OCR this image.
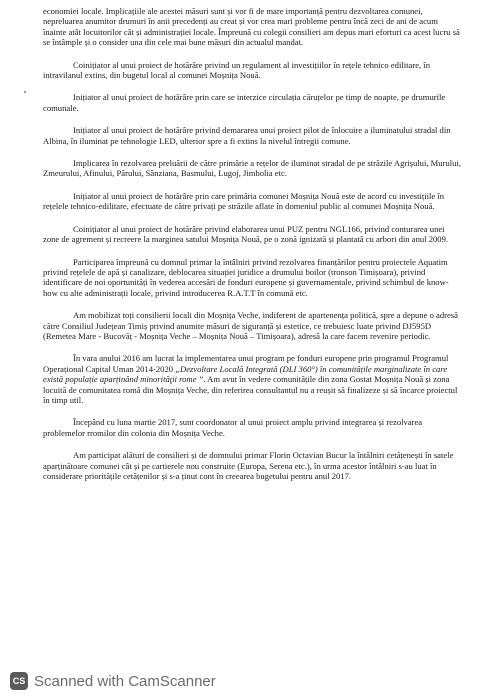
economiei locale. Implicațiile ale acestei măsuri sunt și vor fi de mare importanță pentru dezvoltarea comunei, nepreluarea anumitor drumuri în anii precedenți au creat și vor crea mari probleme pentru încă zeci de ani de acum înainte atât locuitorilor cât și administrației locale. Împreună cu colegii consilieri am depus mari eforturi ca acest lucru să se întâmple și o consider una din cele mai bune măsuri din actualul mandat.

Coinițiator al unui proiect de hotărâre privind un regulament al investițiilor în rețele tehnico edilitare, în intravilanul extins, din bugetul local al comunei Moșnița Nouă.

Inițiator al unui proiect de hotărâre prin care se interzice circulația căruțelor pe timp de noapte, pe drumurile comunale.

Inițiator al unui proiect de hotărâre privind demararea unui proiect pilot de înlocuire a iluminatului stradal din Albina, în iluminat pe tehnologie LED, ulterior spre a fi extins la nivelul întregii comune.

Implicarea în rezolvarea preluării de către primărie a rețelor de iluminat stradal de pe străzile Agrișului, Murului, Zmeurului, Afinului, Părului, Sânziana, Basmului, Lugoj, Jimbolia etc.

Inițiator al unui proiect de hotărâre prin care primăria comunei Moșnița Nouă este de acord cu investițiile în rețelele tehnico-edilitare, efectuate de către privați pe străzile aflate în domeniul public al comunei Moșnița Nouă.

Coinițiator al unui proiect de hotărâre privind elaborarea unui PUZ pentru NGL166, privind conturarea unei zone de agrement și recreere la marginea satului Moșnița Nouă, pe o zonă ignizată și plantată cu arbori din anul 2009.

Participarea împreună cu domnul primar la întâlniri privind rezolvarea finanțărilor pentru proiectele Aquatim privind rețelele de apă și canalizare, deblocarea situației juridice a drumului boilor (tronson Timișoara), privind identificare de noi oportunități în vederea accesări de fonduri europene și guvernamentale, privind schimbul de know-how cu alte administrații locale, privind introducerea R.A.T.T în comună etc.

Am mobilizat toți consilierii locali din Moșnița Veche, indiferent de apartenența politică, spre a depune o adresă către Consiliul Județean Timiș privind anumite măsuri de siguranță și estetice, ce trebuiesc luate privind DJ595D (Remetea Mare - Bucovăț - Moșnița Veche – Moșnița Nouă – Timișoara), adresă la care facem revenire periodic.

În vara anului 2016 am lucrat la implementarea unui program pe fonduri europene prin programul Programul Operațional Capital Uman 2014-2020 „Dezvoltare Locală Integrată (DLI 360°) în comunitățile marginalizate în care există populație aparținând minorităţii rome ”. Am avut în vedere comunitățile din zona Gostat Moșnița Nouă și zona locuită de comunitatea romă din Moșnița Veche, din referirea consultantul nu a reușit să finalizeze și să încarce proiectul în timp util.

Începând cu luna martie 2017, sunt coordonator al unui proiect amplu privind integrarea și rezolvarea problemelor rromilor din colonia din Moșnița Veche.

Am participat alături de consilieri și de domnului primar Florin Octavian Bucur la întâlniri cetățenești în satele aparținătoare comunei cât și pe cartierele nou construite (Europa, Serena etc.), în urma acestor întâlniri s-au luat în considerare prioritățile cetățenilor și s-a ținut cont în creearea bugetului pentru anul 2017.

CS Scanned with CamScanner
